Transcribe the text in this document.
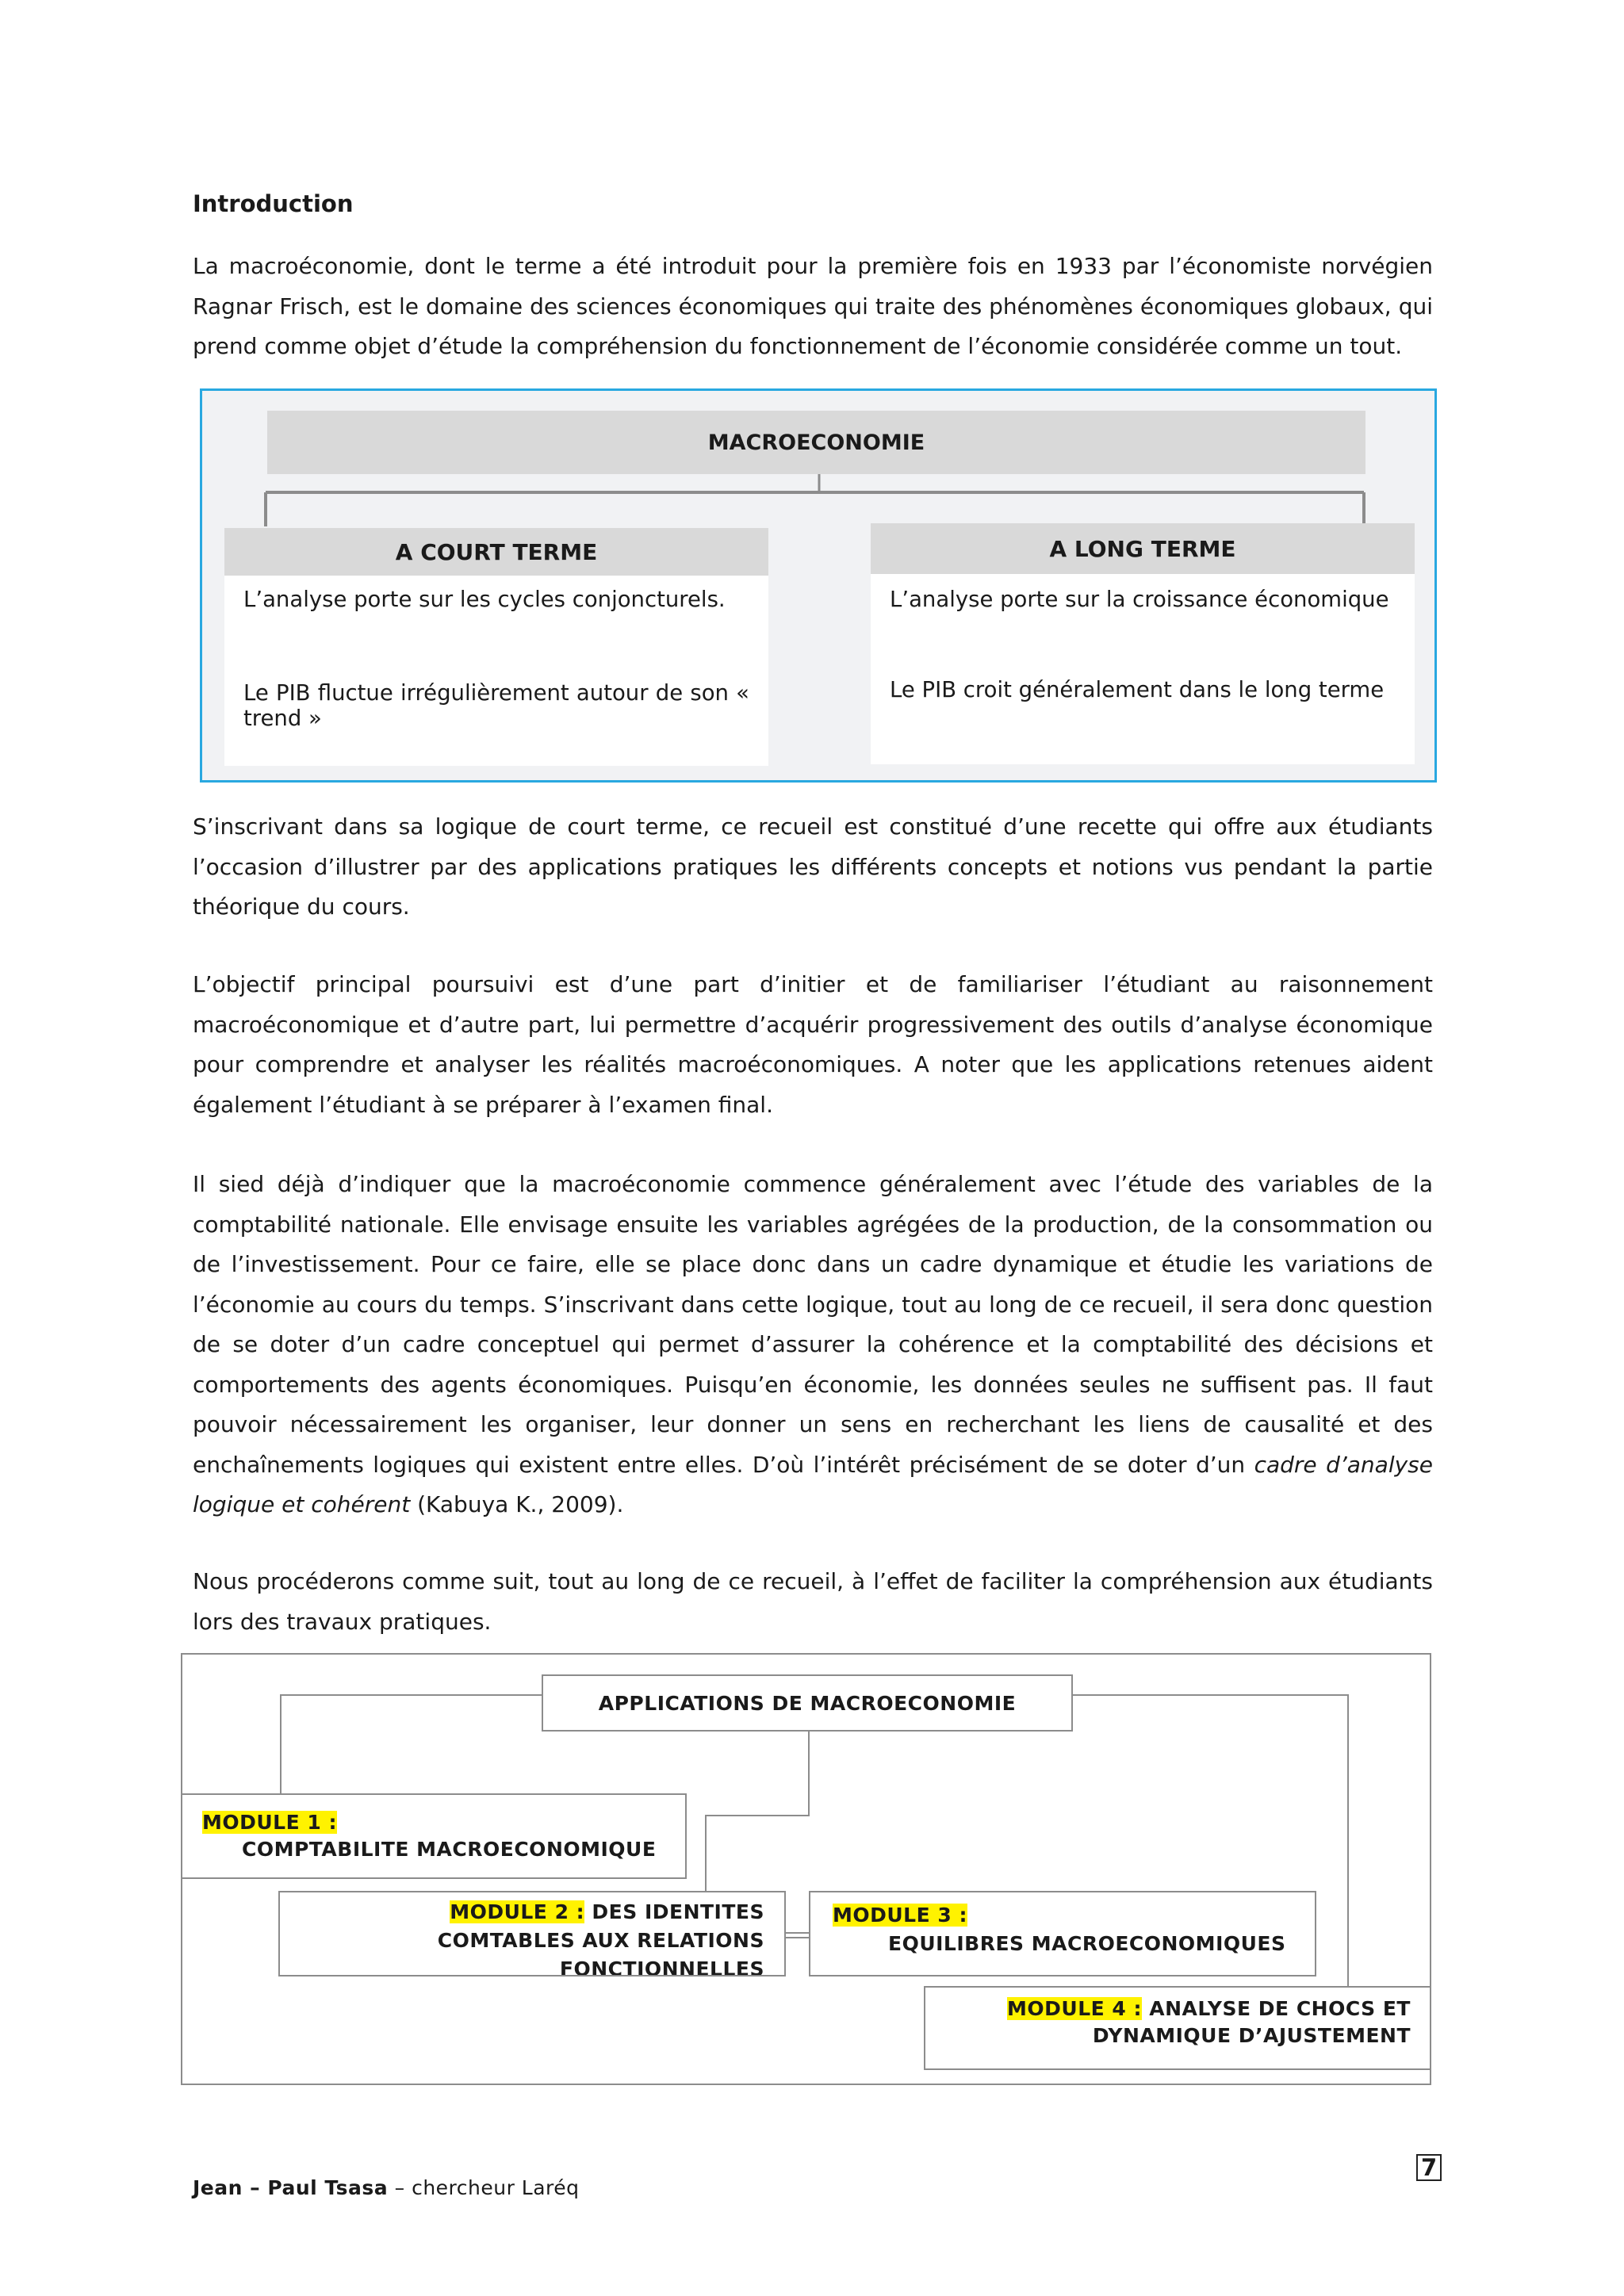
Introduction
La macroéconomie, dont le terme a été introduit pour la première fois en 1933 par l’économiste norvégien Ragnar Frisch, est le domaine des sciences économiques qui traite des phénomènes économiques globaux, qui prend comme objet d’étude la compréhension du fonctionnement de l’économie considérée comme un tout.
MACROECONOMIE
A COURT TERME

L’analyse porte sur les cycles conjoncturels.

Le PIB fluctue irrégulièrement autour de son « trend »

A LONG TERME

L’analyse porte sur la croissance économique

Le PIB croit généralement dans le long terme

S’inscrivant dans sa logique de court terme, ce recueil est constitué d’une recette qui offre aux étudiants l’occasion d’illustrer par des applications pratiques les différents concepts et notions vus pendant la partie théorique du cours.
L’objectif principal poursuivi est d’une part d’initier et de familiariser l’étudiant au raisonnement macroéconomique et d’autre part, lui permettre d’acquérir progressivement des outils d’analyse économique pour comprendre et analyser les réalités macroéconomiques. A noter que les applications retenues aident également l’étudiant à se préparer à l’examen final.
Il sied déjà d’indiquer que la macroéconomie commence généralement avec l’étude des variables de la comptabilité nationale. Elle envisage ensuite les variables agrégées de la production, de la consommation ou de l’investissement. Pour ce faire, elle se place donc dans un cadre dynamique et étudie les variations de l’économie au cours du temps. S’inscrivant dans cette logique, tout au long de ce recueil, il sera donc question de se doter d’un cadre conceptuel qui permet d’assurer la cohérence et la comptabilité des décisions et comportements des agents économiques. Puisqu’en économie, les données seules ne suffisent pas. Il faut pouvoir nécessairement les organiser, leur donner un sens en recherchant les liens de causalité et des enchaînements logiques qui existent entre elles. D’où l’intérêt précisément de se doter d’un cadre d’analyse logique et cohérent (Kabuya K., 2009).
Nous procéderons comme suit, tout au long de ce recueil, à l’effet de faciliter la compréhension aux étudiants lors des travaux pratiques.
APPLICATIONS DE MACROECONOMIE
MODULE 1 :
COMPTABILITE MACROECONOMIQUE
MODULE 2 : DES IDENTITES
COMTABLES AUX RELATIONS
FONCTIONNELLES
MODULE 3 :
EQUILIBRES MACROECONOMIQUES
MODULE 4 : ANALYSE DE CHOCS ET
DYNAMIQUE D’AJUSTEMENT
7
Jean – Paul Tsasa – chercheur Laréq
